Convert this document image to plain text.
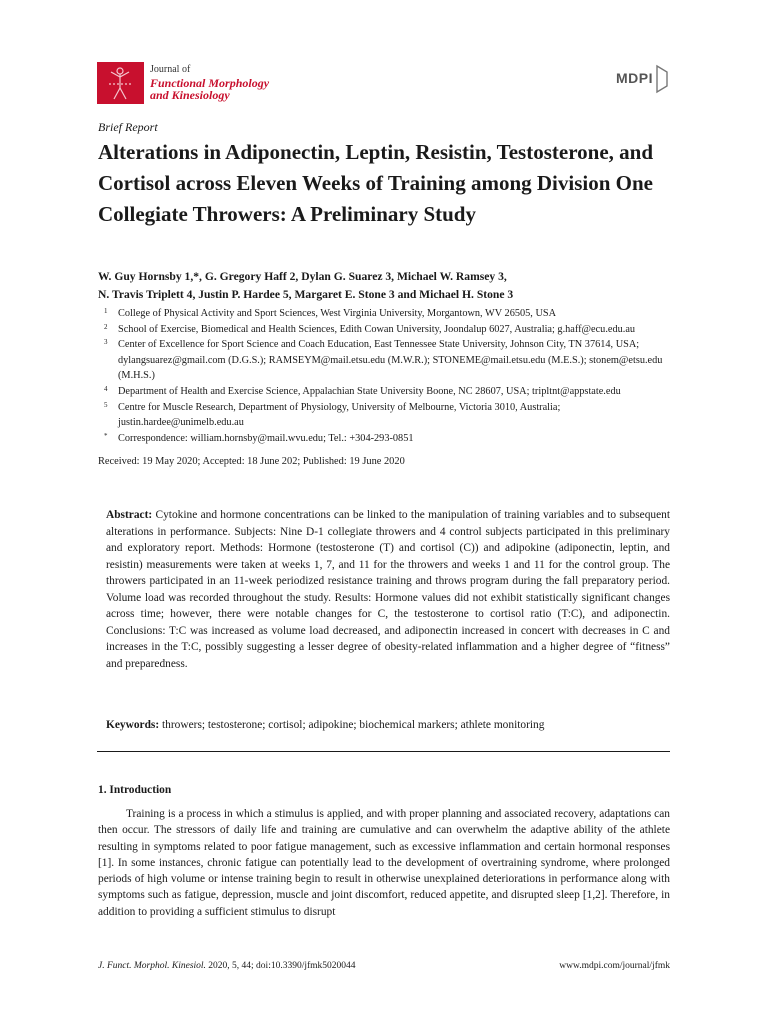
Journal of
Functional Morphology
and Kinesiology
MDPI
Brief Report
Alterations in Adiponectin, Leptin, Resistin, Testosterone, and Cortisol across Eleven Weeks of Training among Division One Collegiate Throwers: A Preliminary Study
W. Guy Hornsby 1,*, G. Gregory Haff 2, Dylan G. Suarez 3, Michael W. Ramsey 3,
N. Travis Triplett 4, Justin P. Hardee 5, Margaret E. Stone 3 and Michael H. Stone 3
1 College of Physical Activity and Sport Sciences, West Virginia University, Morgantown, WV 26505, USA
2 School of Exercise, Biomedical and Health Sciences, Edith Cowan University, Joondalup 6027, Australia; g.haff@ecu.edu.au
3 Center of Excellence for Sport Science and Coach Education, East Tennessee State University, Johnson City, TN 37614, USA; dylangsuarez@gmail.com (D.G.S.); RAMSEYM@mail.etsu.edu (M.W.R.); STONEME@mail.etsu.edu (M.E.S.); stonem@etsu.edu (M.H.S.)
4 Department of Health and Exercise Science, Appalachian State University Boone, NC 28607, USA; tripltnt@appstate.edu
5 Centre for Muscle Research, Department of Physiology, University of Melbourne, Victoria 3010, Australia; justin.hardee@unimelb.edu.au
* Correspondence: william.hornsby@mail.wvu.edu; Tel.: +304-293-0851
Received: 19 May 2020; Accepted: 18 June 202; Published: 19 June 2020
Abstract: Cytokine and hormone concentrations can be linked to the manipulation of training variables and to subsequent alterations in performance. Subjects: Nine D-1 collegiate throwers and 4 control subjects participated in this preliminary and exploratory report. Methods: Hormone (testosterone (T) and cortisol (C)) and adipokine (adiponectin, leptin, and resistin) measurements were taken at weeks 1, 7, and 11 for the throwers and weeks 1 and 11 for the control group. The throwers participated in an 11-week periodized resistance training and throws program during the fall preparatory period. Volume load was recorded throughout the study. Results: Hormone values did not exhibit statistically significant changes across time; however, there were notable changes for C, the testosterone to cortisol ratio (T:C), and adiponectin. Conclusions: T:C was increased as volume load decreased, and adiponectin increased in concert with decreases in C and increases in the T:C, possibly suggesting a lesser degree of obesity-related inflammation and a higher degree of “fitness” and preparedness.
Keywords: throwers; testosterone; cortisol; adipokine; biochemical markers; athlete monitoring
1. Introduction
Training is a process in which a stimulus is applied, and with proper planning and associated recovery, adaptations can then occur. The stressors of daily life and training are cumulative and can overwhelm the adaptive ability of the athlete resulting in symptoms related to poor fatigue management, such as excessive inflammation and certain hormonal responses [1]. In some instances, chronic fatigue can potentially lead to the development of overtraining syndrome, where prolonged periods of high volume or intense training begin to result in otherwise unexplained deteriorations in performance along with symptoms such as fatigue, depression, muscle and joint discomfort, reduced appetite, and disrupted sleep [1,2]. Therefore, in addition to providing a sufficient stimulus to disrupt
J. Funct. Morphol. Kinesiol. 2020, 5, 44; doi:10.3390/jfmk5020044	www.mdpi.com/journal/jfmk
